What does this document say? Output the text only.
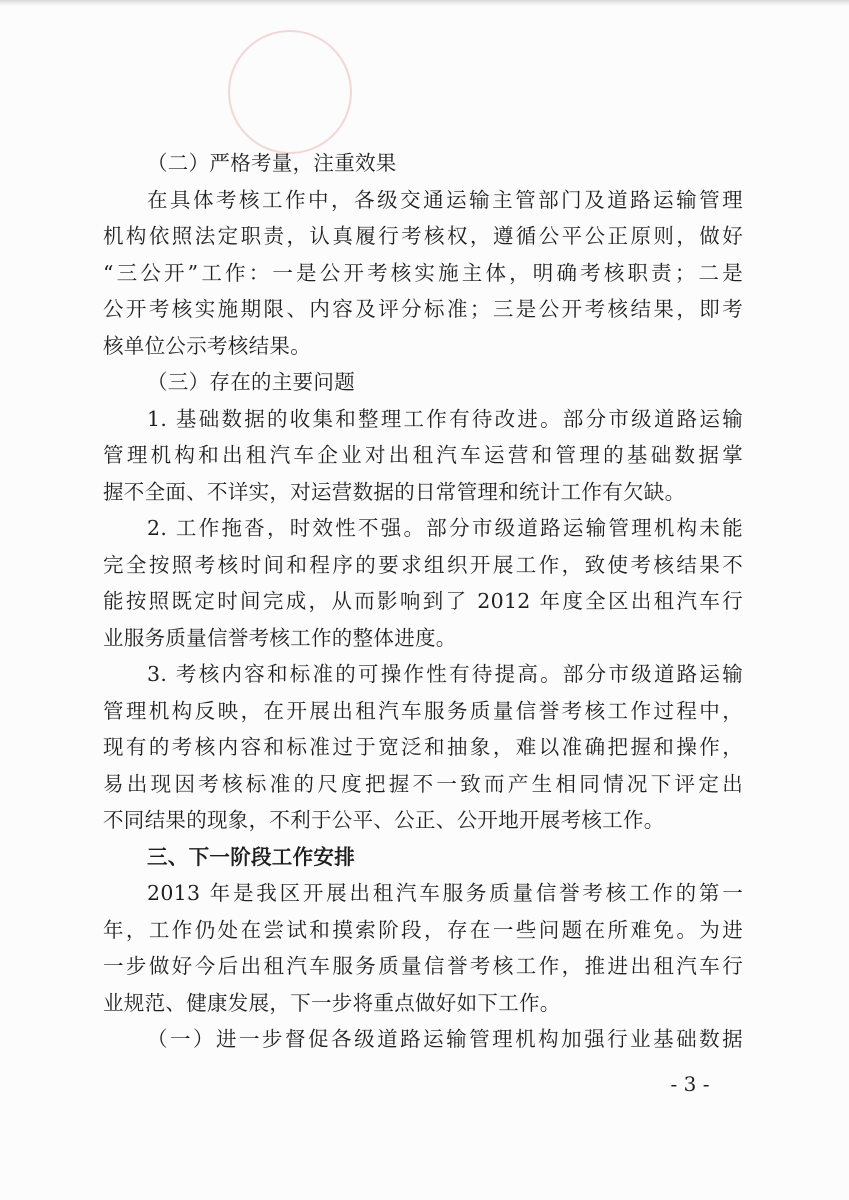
（二）严格考量，注重效果
在具体考核工作中，各级交通运输主管部门及道路运输管理
机构依照法定职责，认真履行考核权，遵循公平公正原则，做好
“三公开”工作：一是公开考核实施主体，明确考核职责；二是
公开考核实施期限、内容及评分标准；三是公开考核结果，即考
核单位公示考核结果。
（三）存在的主要问题
1. 基础数据的收集和整理工作有待改进。部分市级道路运输
管理机构和出租汽车企业对出租汽车运营和管理的基础数据掌
握不全面、不详实，对运营数据的日常管理和统计工作有欠缺。
2. 工作拖沓，时效性不强。部分市级道路运输管理机构未能
完全按照考核时间和程序的要求组织开展工作，致使考核结果不
能按照既定时间完成，从而影响到了 2012 年度全区出租汽车行
业服务质量信誉考核工作的整体进度。
3. 考核内容和标准的可操作性有待提高。部分市级道路运输
管理机构反映，在开展出租汽车服务质量信誉考核工作过程中，
现有的考核内容和标准过于宽泛和抽象，难以准确把握和操作，
易出现因考核标准的尺度把握不一致而产生相同情况下评定出
不同结果的现象，不利于公平、公正、公开地开展考核工作。
三、下一阶段工作安排
2013 年是我区开展出租汽车服务质量信誉考核工作的第一
年，工作仍处在尝试和摸索阶段，存在一些问题在所难免。为进
一步做好今后出租汽车服务质量信誉考核工作，推进出租汽车行
业规范、健康发展，下一步将重点做好如下工作。
（一）进一步督促各级道路运输管理机构加强行业基础数据
- 3 -
